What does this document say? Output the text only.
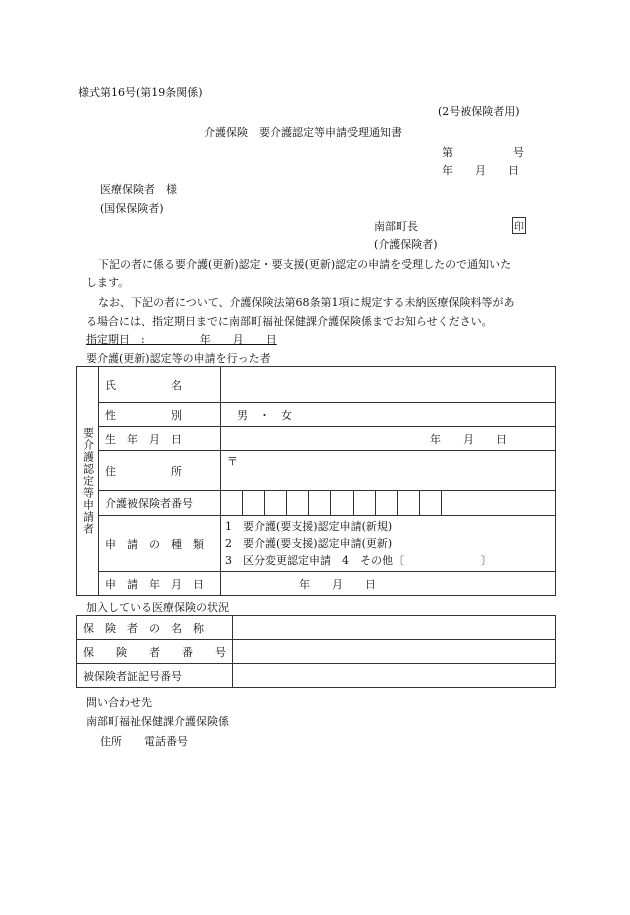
様式第16号(第19条関係)
(2号被保険者用)
介護保険　要介護認定等申請受理通知書
第	号
年　　月　　日
医療保険者　様
(国保保険者)
南部町長	印
(介護保険者)
下記の者に係る要介護(更新)認定・要支援(更新)認定の申請を受理したので通知いた
します。
なお、下記の者について、介護保険法第68条第1項に規定する未納医療保険料等があ
る場合には、指定期日までに南部町福祉保健課介護保険係までお知らせください。
指定期日　:　　　　　年　　月　　日
要介護(更新)認定等の申請を行った者
要介護認定等申請者	氏　　　　　名	
	性　　　　　別	男　・　女
	生　年　月　日	年　　月　　日
	住　　　　　所	〒
	介護被保険者番号	

	申　請　の　種　類	1　要介護(要支援)認定申請(新規)
2　要介護(要支援)認定申請(更新)
3　区分変更認定申請　4　その他〔　　　　　　　〕

	申　請　年　月　日	年　　月　　日
加入している医療保険の状況
保　険　者　の　名　称	
保　　険　　者　　番　　号	
被保険者証記号番号	
問い合わせ先
南部町福祉保健課介護保険係
住所　　電話番号
